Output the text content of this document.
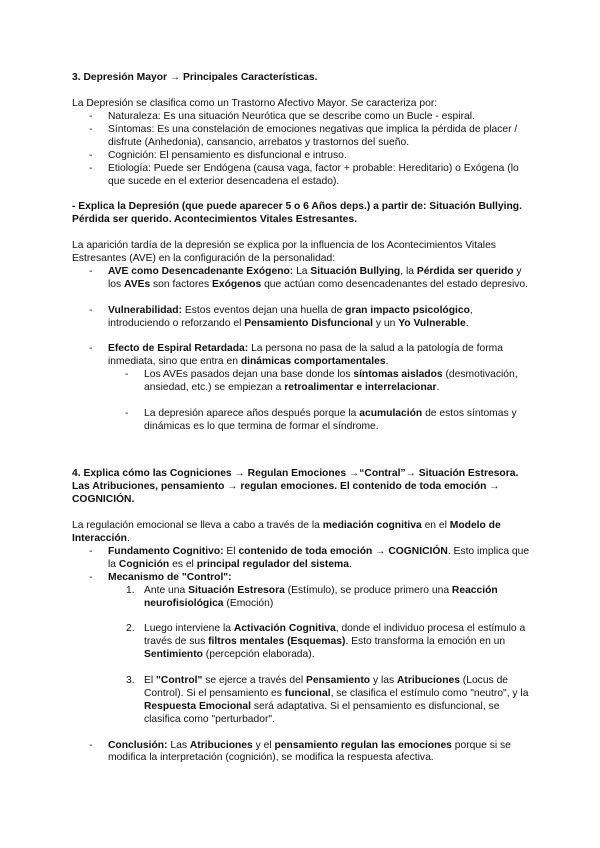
3. Depresión Mayor → Principales Características.

La Depresión se clasifica como un Trastorno Afectivo Mayor. Se caracteriza por:

- Naturaleza: Es una situación Neurótica que se describe como un Bucle - espiral.
- Síntomas: Es una constelación de emociones negativas que implica la pérdida de placer / disfrute (Anhedonia), cansancio, arrebatos y trastornos del sueño.
- Cognición: El pensamiento es disfuncional e intruso.
- Etiología: Puede ser Endógena (causa vaga, factor + probable: Hereditario) o Exógena (lo que sucede en el exterior desencadena el estado).

- Explica la Depresión (que puede aparecer 5 o 6 Años deps.) a partir de: Situación Bullying. Pérdida ser querido. Acontecimientos Vitales Estresantes.

La aparición tardía de la depresión se explica por la influencia de los Acontecimientos Vitales Estresantes (AVE) en la configuración de la personalidad:

- AVE como Desencadenante Exógeno: La Situación Bullying, la Pérdida ser querido y los AVEs son factores Exógenos que actúan como desencadenantes del estado depresivo.
- Vulnerabilidad: Estos eventos dejan una huella de gran impacto psicológico, introduciendo o reforzando el Pensamiento Disfuncional y un Yo Vulnerable.
- Efecto de Espiral Retardada: La persona no pasa de la salud a la patología de forma inmediata, sino que entra en dinámicas comportamentales.
- Los AVEs pasados dejan una base donde los síntomas aislados (desmotivación, ansiedad, etc.) se empiezan a retroalimentar e interrelacionar.
- La depresión aparece años después porque la acumulación de estos síntomas y dinámicas es lo que termina de formar el síndrome.

4. Explica cómo las Cogniciones → Regulan Emociones →“Contral”→ Situación Estresora. Las Atribuciones, pensamiento → regulan emociones. El contenido de toda emoción → COGNICIÓN.

La regulación emocional se lleva a cabo a través de la mediación cognitiva en el Modelo de Interacción.

- Fundamento Cognitivo: El contenido de toda emoción → COGNICIÓN. Esto implica que la Cognición es el principal regulador del sistema.
- Mecanismo de "Control":
1. Ante una Situación Estresora (Estímulo), se produce primero una Reacción neurofisiológica (Emoción)
2. Luego interviene la Activación Cognitiva, donde el individuo procesa el estímulo a través de sus filtros mentales (Esquemas). Esto transforma la emoción en un Sentimiento (percepción elaborada).
3. El "Control" se ejerce a través del Pensamiento y las Atribuciones (Locus de Control). Si el pensamiento es funcional, se clasifica el estímulo como "neutro", y la Respuesta Emocional será adaptativa. Si el pensamiento es disfuncional, se clasifica como "perturbador".
- Conclusión: Las Atribuciones y el pensamiento regulan las emociones porque si se modifica la interpretación (cognición), se modifica la respuesta afectiva.
